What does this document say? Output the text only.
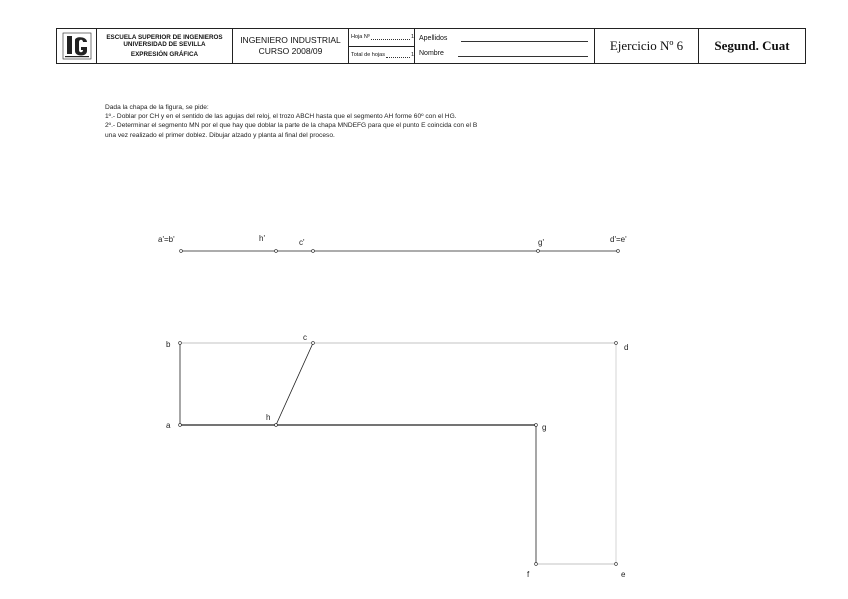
ESCUELA SUPERIOR DE INGENIEROS
UNIVERSIDAD DE SEVILLA
EXPRESIÓN GRÁFICA
INGENIERO INDUSTRIAL
CURSO 2008/09
Hoja Nº	1
Total de hojas	1
Apellidos
Nombre
Ejercicio Nº 6	Segund. Cuat
Dada la chapa de la figura, se pide:
1º.- Doblar por CH y en el sentido de las agujas del reloj, el trozo ABCH hasta que el segmento AH forme 60º con el HG.
2º.- Determinar el segmento MN por el que hay que doblar la parte de la chapa MNDEFG para que el punto E coincida con el B
una vez realizado el primer doblez. Dibujar alzado y planta al final del proceso.
a'=b'	h'	c'	g'	d'=e'
b
c
d
a
h
g
f	e
